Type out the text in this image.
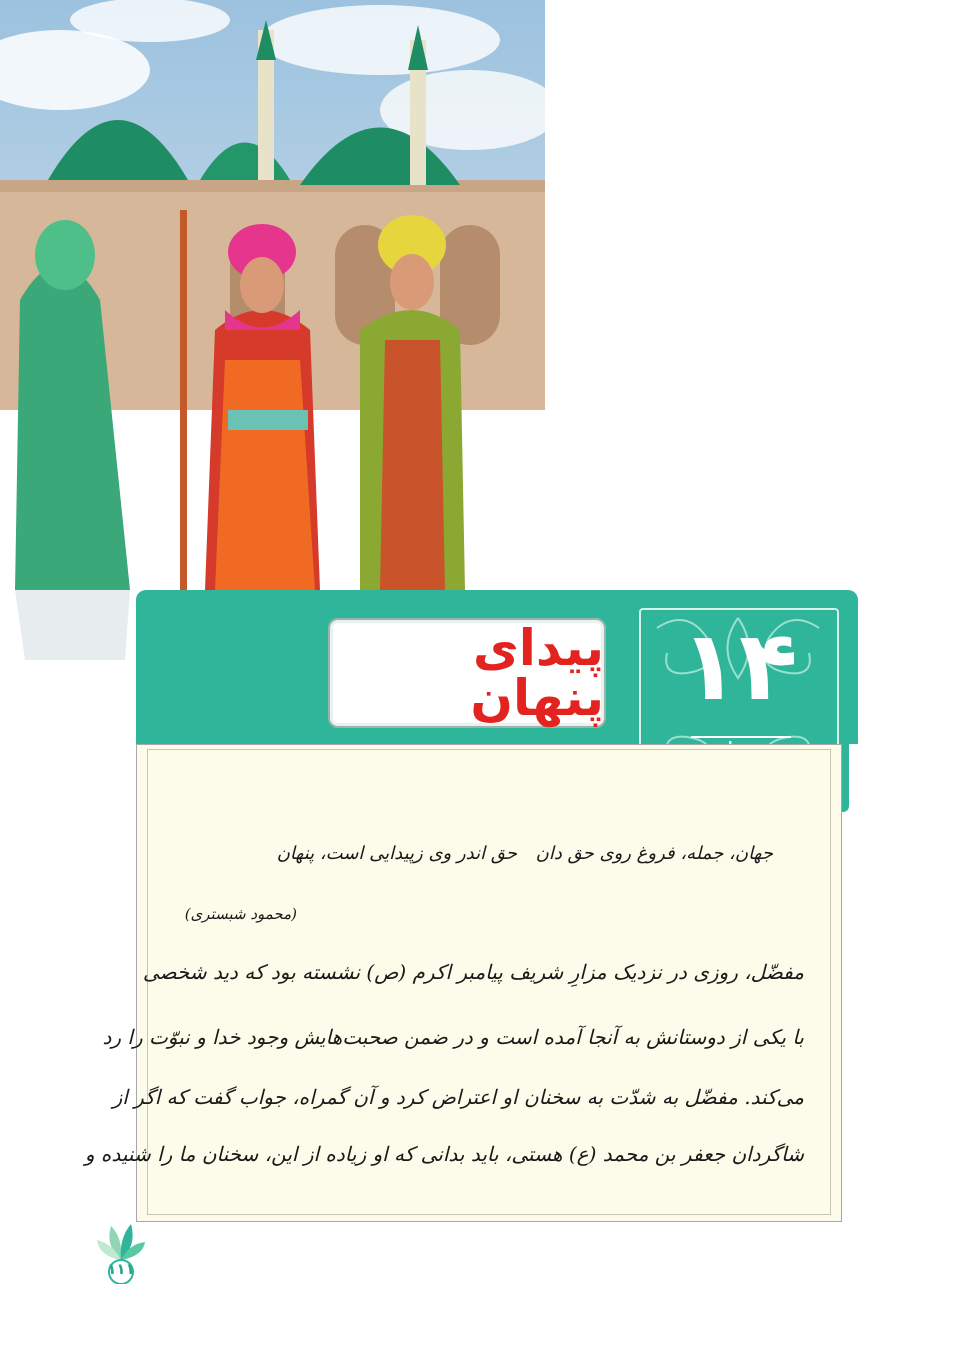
پیدای پنهان ۱۴
جهان، جمله، فروغ روی حق دان
حق اندر وی زپیدایی است، پنهان
(محمود شبستری)
مفضّل، روزی در نزدیک مزارِ شریف پیامبر اکرم (ص) نشسته بود که دید شخصی
با یکی از دوستانش به آنجا آمده است و در ضمن صحبت‌هایش وجود خدا و نبوّت را رد
می‌کند. مفضّل به شدّت به سخنان او اعتراض کرد و آن گمراه، جواب گفت که اگر از
شاگردان جعفر بن محمد (ع) هستی، باید بدانی که او زیاده از این، سخنان ما را شنیده و
۱۱۱
